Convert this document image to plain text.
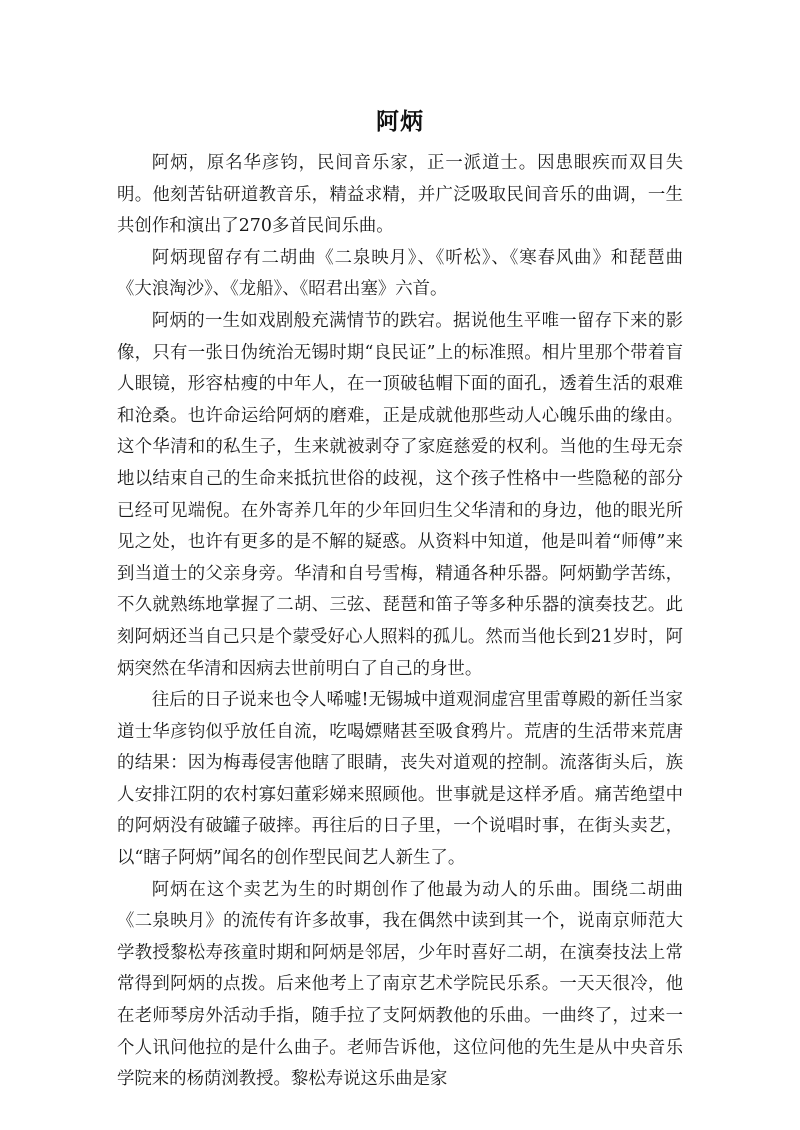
阿炳

阿炳，原名华彦钧，民间音乐家，正一派道士。因患眼疾而双目失明。他刻苦钻研道教音乐，精益求精，并广泛吸取民间音乐的曲调，一生共创作和演出了270多首民间乐曲。

阿炳现留存有二胡曲《二泉映月》、《听松》、《寒春风曲》和琵琶曲《大浪淘沙》、《龙船》、《昭君出塞》六首。

阿炳的一生如戏剧般充满情节的跌宕。据说他生平唯一留存下来的影像，只有一张日伪统治无锡时期“良民证”上的标准照。相片里那个带着盲人眼镜，形容枯瘦的中年人，在一顶破毡帽下面的面孔，透着生活的艰难和沧桑。也许命运给阿炳的磨难，正是成就他那些动人心魄乐曲的缘由。这个华清和的私生子，生来就被剥夺了家庭慈爱的权利。当他的生母无奈地以结束自己的生命来抵抗世俗的歧视，这个孩子性格中一些隐秘的部分已经可见端倪。在外寄养几年的少年回归生父华清和的身边，他的眼光所见之处，也许有更多的是不解的疑惑。从资料中知道，他是叫着“师傅”来到当道士的父亲身旁。华清和自号雪梅，精通各种乐器。阿炳勤学苦练，不久就熟练地掌握了二胡、三弦、琵琶和笛子等多种乐器的演奏技艺。此刻阿炳还当自己只是个蒙受好心人照料的孤儿。然而当他长到21岁时，阿炳突然在华清和因病去世前明白了自己的身世。

往后的日子说来也令人唏嘘!无锡城中道观洞虚宫里雷尊殿的新任当家道士华彦钧似乎放任自流，吃喝嫖赌甚至吸食鸦片。荒唐的生活带来荒唐的结果：因为梅毒侵害他瞎了眼睛，丧失对道观的控制。流落街头后，族人安排江阴的农村寡妇董彩娣来照顾他。世事就是这样矛盾。痛苦绝望中的阿炳没有破罐子破摔。再往后的日子里，一个说唱时事，在街头卖艺，以“瞎子阿炳”闻名的创作型民间艺人新生了。

阿炳在这个卖艺为生的时期创作了他最为动人的乐曲。围绕二胡曲《二泉映月》的流传有许多故事，我在偶然中读到其一个，说南京师范大学教授黎松寿孩童时期和阿炳是邻居，少年时喜好二胡，在演奏技法上常常得到阿炳的点拨。后来他考上了南京艺术学院民乐系。一天天很冷，他在老师琴房外活动手指，随手拉了支阿炳教他的乐曲。一曲终了，过来一个人讯问他拉的是什么曲子。老师告诉他，这位问他的先生是从中央音乐学院来的杨荫浏教授。黎松寿说这乐曲是家
